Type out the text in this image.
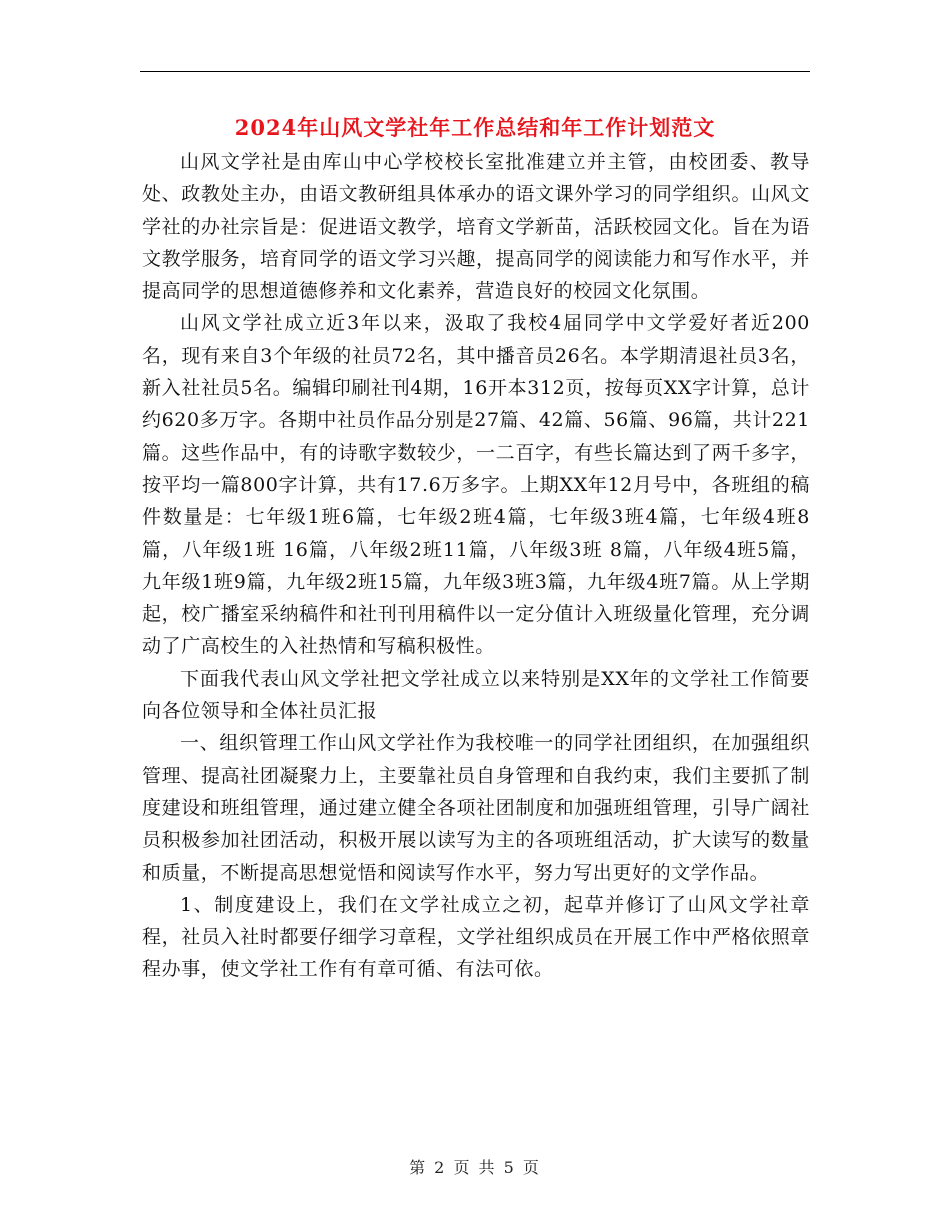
2024年山风文学社年工作总结和年工作计划范文

山风文学社是由库山中心学校校长室批准建立并主管，由校团委、教导处、政教处主办，由语文教研组具体承办的语文课外学习的同学组织。山风文学社的办社宗旨是：促进语文教学，培育文学新苗，活跃校园文化。旨在为语文教学服务，培育同学的语文学习兴趣，提高同学的阅读能力和写作水平，并提高同学的思想道德修养和文化素养，营造良好的校园文化氛围。

山风文学社成立近3年以来，汲取了我校4届同学中文学爱好者近200名，现有来自3个年级的社员72名，其中播音员26名。本学期清退社员3名，新入社社员5名。编辑印刷社刊4期，16开本312页，按每页XX字计算，总计约620多万字。各期中社员作品分别是27篇、42篇、56篇、96篇，共计221篇。这些作品中，有的诗歌字数较少，一二百字，有些长篇达到了两千多字，按平均一篇800字计算，共有17.6万多字。上期XX年12月号中，各班组的稿件数量是：七年级1班6篇，七年级2班4篇，七年级3班4篇，七年级4班8篇，八年级1班 16篇，八年级2班11篇，八年级3班 8篇，八年级4班5篇，九年级1班9篇，九年级2班15篇，九年级3班3篇，九年级4班7篇。从上学期起，校广播室采纳稿件和社刊刊用稿件以一定分值计入班级量化管理，充分调动了广高校生的入社热情和写稿积极性。

下面我代表山风文学社把文学社成立以来特别是XX年的文学社工作简要向各位领导和全体社员汇报

一、组织管理工作山风文学社作为我校唯一的同学社团组织，在加强组织管理、提高社团凝聚力上，主要靠社员自身管理和自我约束，我们主要抓了制度建设和班组管理，通过建立健全各项社团制度和加强班组管理，引导广阔社员积极参加社团活动，积极开展以读写为主的各项班组活动，扩大读写的数量和质量，不断提高思想觉悟和阅读写作水平，努力写出更好的文学作品。

1、制度建设上，我们在文学社成立之初，起草并修订了山风文学社章程，社员入社时都要仔细学习章程，文学社组织成员在开展工作中严格依照章程办事，使文学社工作有有章可循、有法可依。

第 2 页 共 5 页
